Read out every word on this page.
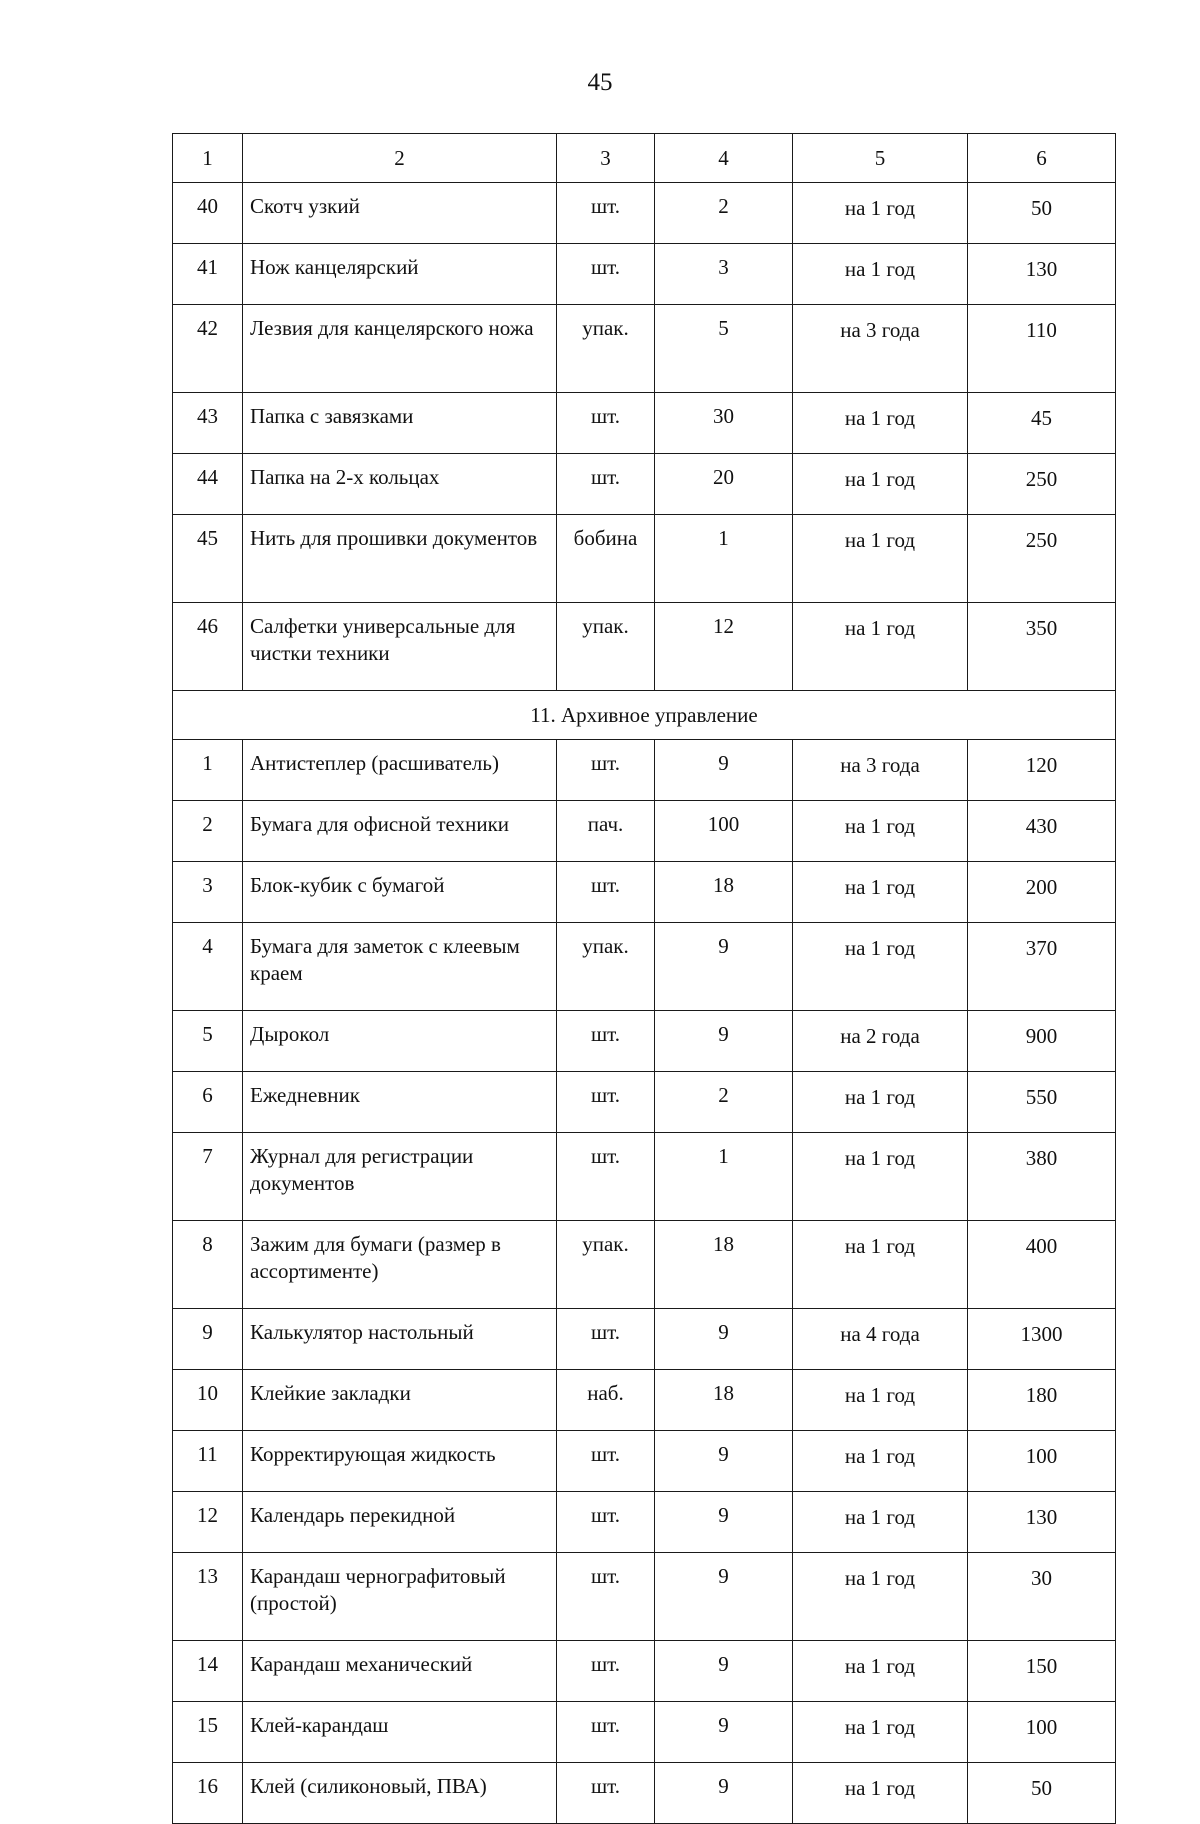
45
1	2	3	4	5	6
40	Скотч узкий	шт.	2	на 1 год	50
41	Нож канцелярский	шт.	3	на 1 год	130
42	Лезвия для канцелярского ножа	упак.	5	на 3 года	110
43	Папка с завязками	шт.	30	на 1 год	45
44	Папка на 2-х кольцах	шт.	20	на 1 год	250
45	Нить для прошивки документов	бобина	1	на 1 год	250
46	Салфетки универсальные для чистки техники	упак.	12	на 1 год	350
11. Архивное управление					
1	Антистеплер (расшиватель)	шт.	9	на 3 года	120
2	Бумага для офисной техники	пач.	100	на 1 год	430
3	Блок-кубик с бумагой	шт.	18	на 1 год	200
4	Бумага для заметок с клеевым краем	упак.	9	на 1 год	370
5	Дырокол	шт.	9	на 2 года	900
6	Ежедневник	шт.	2	на 1 год	550
7	Журнал для регистрации документов	шт.	1	на 1 год	380
8	Зажим для бумаги (размер в ассортименте)	упак.	18	на 1 год	400
9	Калькулятор настольный	шт.	9	на 4 года	1300
10	Клейкие закладки	наб.	18	на 1 год	180
11	Корректирующая жидкость	шт.	9	на 1 год	100
12	Календарь перекидной	шт.	9	на 1 год	130
13	Карандаш чернографитовый (простой)	шт.	9	на 1 год	30
14	Карандаш механический	шт.	9	на 1 год	150
15	Клей-карандаш	шт.	9	на 1 год	100
16	Клей (силиконовый, ПВА)	шт.	9	на 1 год	50
